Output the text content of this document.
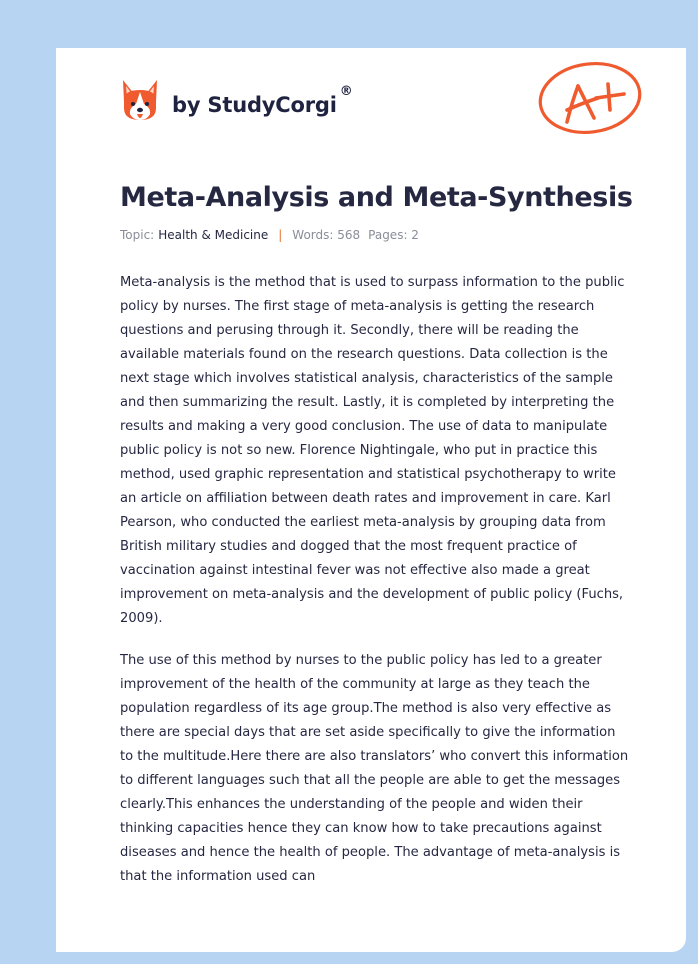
by StudyCorgi
®
Meta-Analysis and Meta-Synthesis
Topic: Health & Medicine | Words: 568 Pages: 2

Meta-analysis is the method that is used to surpass information to the public policy by nurses. The first stage of meta-analysis is getting the research questions and perusing through it. Secondly, there will be reading the available materials found on the research questions. Data collection is the next stage which involves statistical analysis, characteristics of the sample and then summarizing the result. Lastly, it is completed by interpreting the results and making a very good conclusion. The use of data to manipulate public policy is not so new. Florence Nightingale, who put in practice this method, used graphic representation and statistical psychotherapy to write an article on affiliation between death rates and improvement in care. Karl Pearson, who conducted the earliest meta-analysis by grouping data from British military studies and dogged that the most frequent practice of vaccination against intestinal fever was not effective also made a great improvement on meta-analysis and the development of public policy (Fuchs, 2009).

The use of this method by nurses to the public policy has led to a greater improvement of the health of the community at large as they teach the population regardless of its age group.The method is also very effective as there are special days that are set aside specifically to give the information to the multitude.Here there are also translators’ who convert this information to different languages such that all the people are able to get the messages clearly.This enhances the understanding of the people and widen their thinking capacities hence they can know how to take precautions against diseases and hence the health of people. The advantage of meta-analysis is that the information used can
